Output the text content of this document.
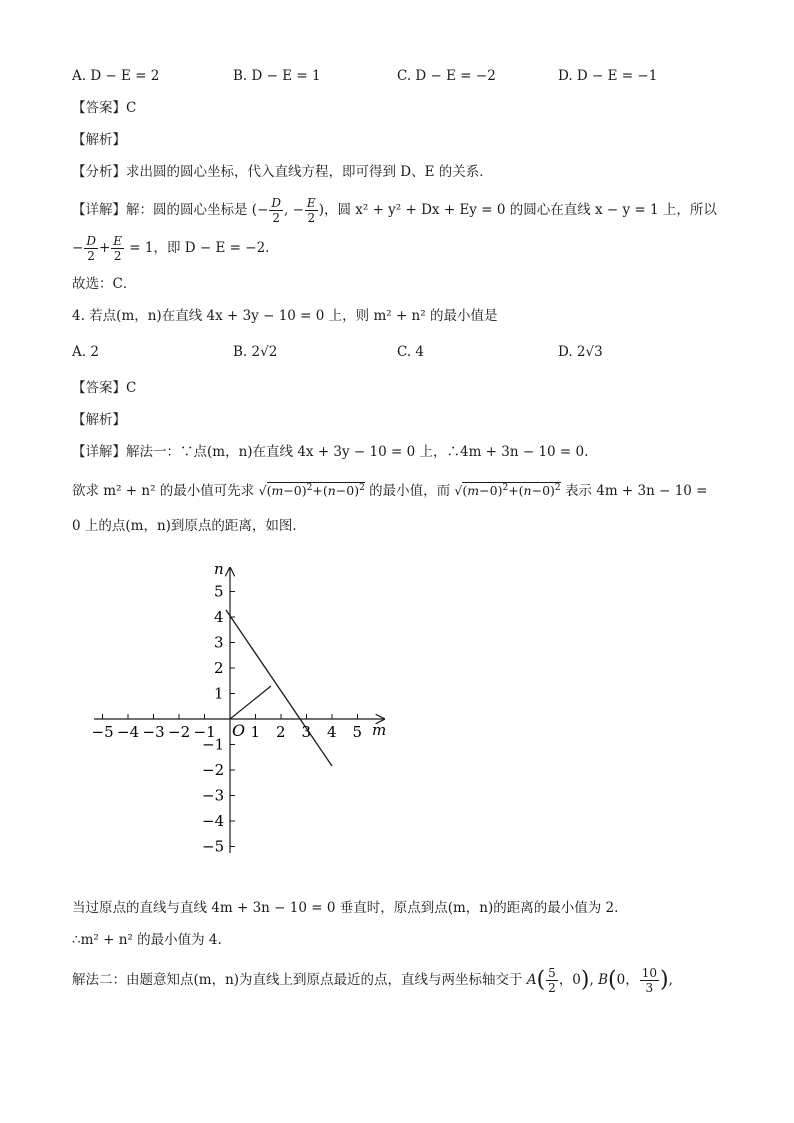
A. D − E = 2	B. D − E = 1	C. D − E = −2	D. D − E = −1
【答案】C
【解析】
【分析】求出圆的圆心坐标，代入直线方程，即可得到 D、E 的关系．
【详解】解：圆的圆心坐标是 (− $\frac{D}{2}$ , − $\frac{E}{2}$ )，圆 x² + y² + Dx + Ey = 0 的圆心在直线 x − y = 1 上，所以
− $\frac{D}{2} + \frac{E}{2} = 1$，即 D − E = −2．
故选：C．
4. 若点(m，n)在直线 4x + 3y − 10 = 0 上，则 m² + n² 的最小值是
A. 2	B. 2√2	C. 4	D. 2√3
【答案】C
【解析】
【详解】解法一：∵点(m，n)在直线 4x + 3y − 10 = 0 上，∴4m + 3n − 10 = 0.
欲求 m² + n² 的最小值可先求 $√(m-0)^2+(n-0)^2$ 的最小值，而 $√(m-0)^2+(n-0)^2$ 表示 4m + 3n − 10 =
0 上的点(m，n)到原点的距离，如图．
m
n
O
−5 −4 −3 −2 −1 1 2 3 4 5
5
4
3
2
1
−1
−2
−3
−4
−5
当过原点的直线与直线 4m + 3n − 10 = 0 垂直时，原点到点(m，n)的距离的最小值为 2.
∴m² + n² 的最小值为 4.
解法二：由题意知点(m，n)为直线上到原点最近的点，直线与两坐标轴交于 $A( \frac{5}{2}$ ，0), B(0， $\frac{10}{3}$ ),
